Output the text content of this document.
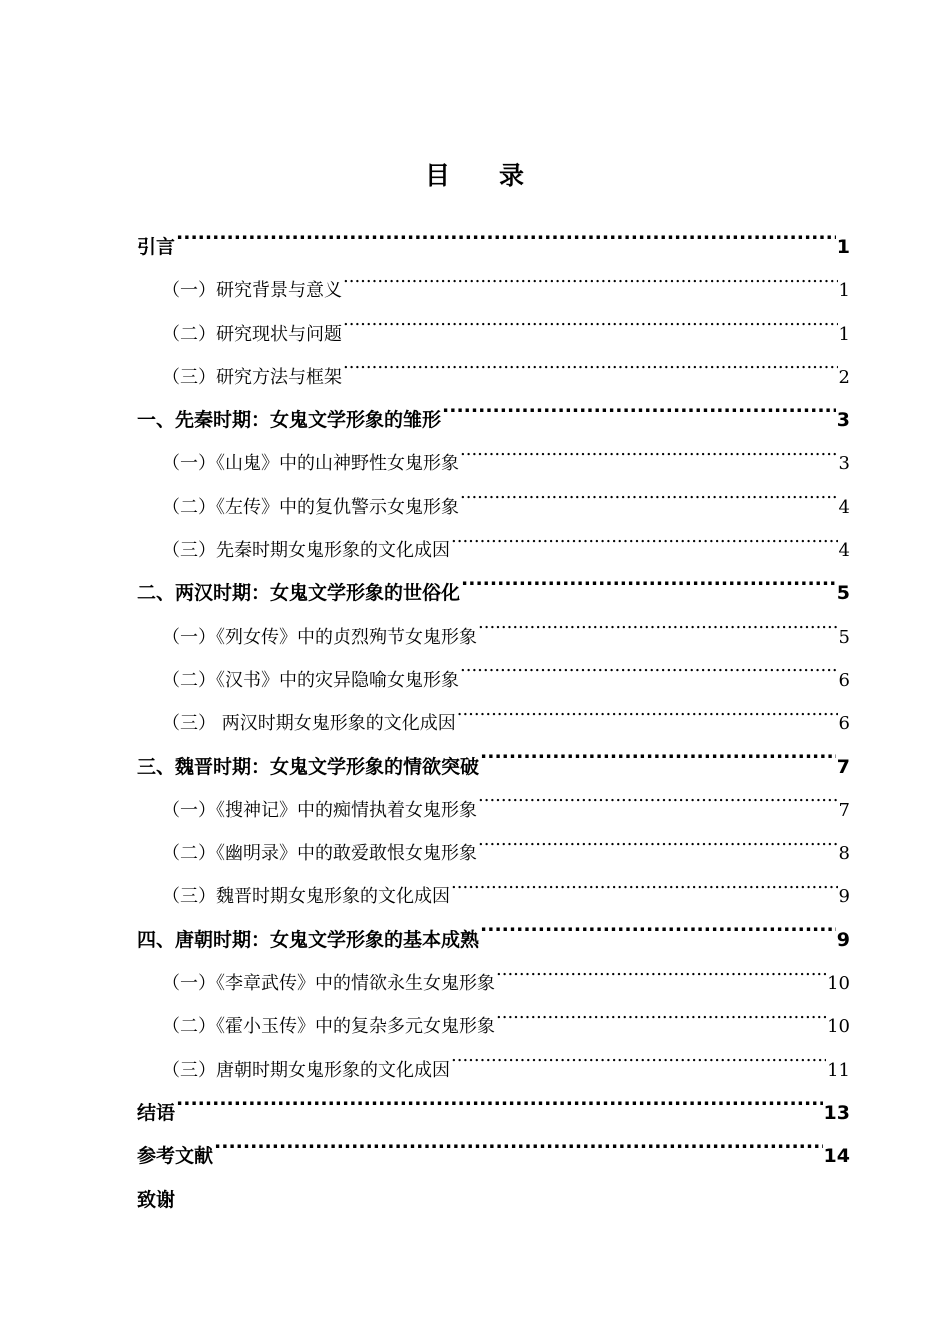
目 录
引言 .....	1
（一）研究背景与意义 .....	1
（二）研究现状与问题 .....	1
（三）研究方法与框架 .....	2
一、先秦时期：女鬼文学形象的雏形 .....	3
（一）《山鬼》中的山神野性女鬼形象 .....	3
（二）《左传》中的复仇警示女鬼形象 .....	4
（三）先秦时期女鬼形象的文化成因 .....	4
二、两汉时期：女鬼文学形象的世俗化 .....	5
（一）《列女传》中的贞烈殉节女鬼形象 .....	5
（二）《汉书》中的灾异隐喻女鬼形象 .....	6
（三） 两汉时期女鬼形象的文化成因 .....	6
三、魏晋时期：女鬼文学形象的情欲突破 .....	7
（一）《搜神记》中的痴情执着女鬼形象 .....	7
（二）《幽明录》中的敢爱敢恨女鬼形象 .....	8
（三）魏晋时期女鬼形象的文化成因 .....	9
四、唐朝时期：女鬼文学形象的基本成熟 .....	9
（一）《李章武传》中的情欲永生女鬼形象 .....	10
（二）《霍小玉传》中的复杂多元女鬼形象 .....	10
（三）唐朝时期女鬼形象的文化成因 .....	11
结语 .....	13
参考文献 .....	14
致谢
